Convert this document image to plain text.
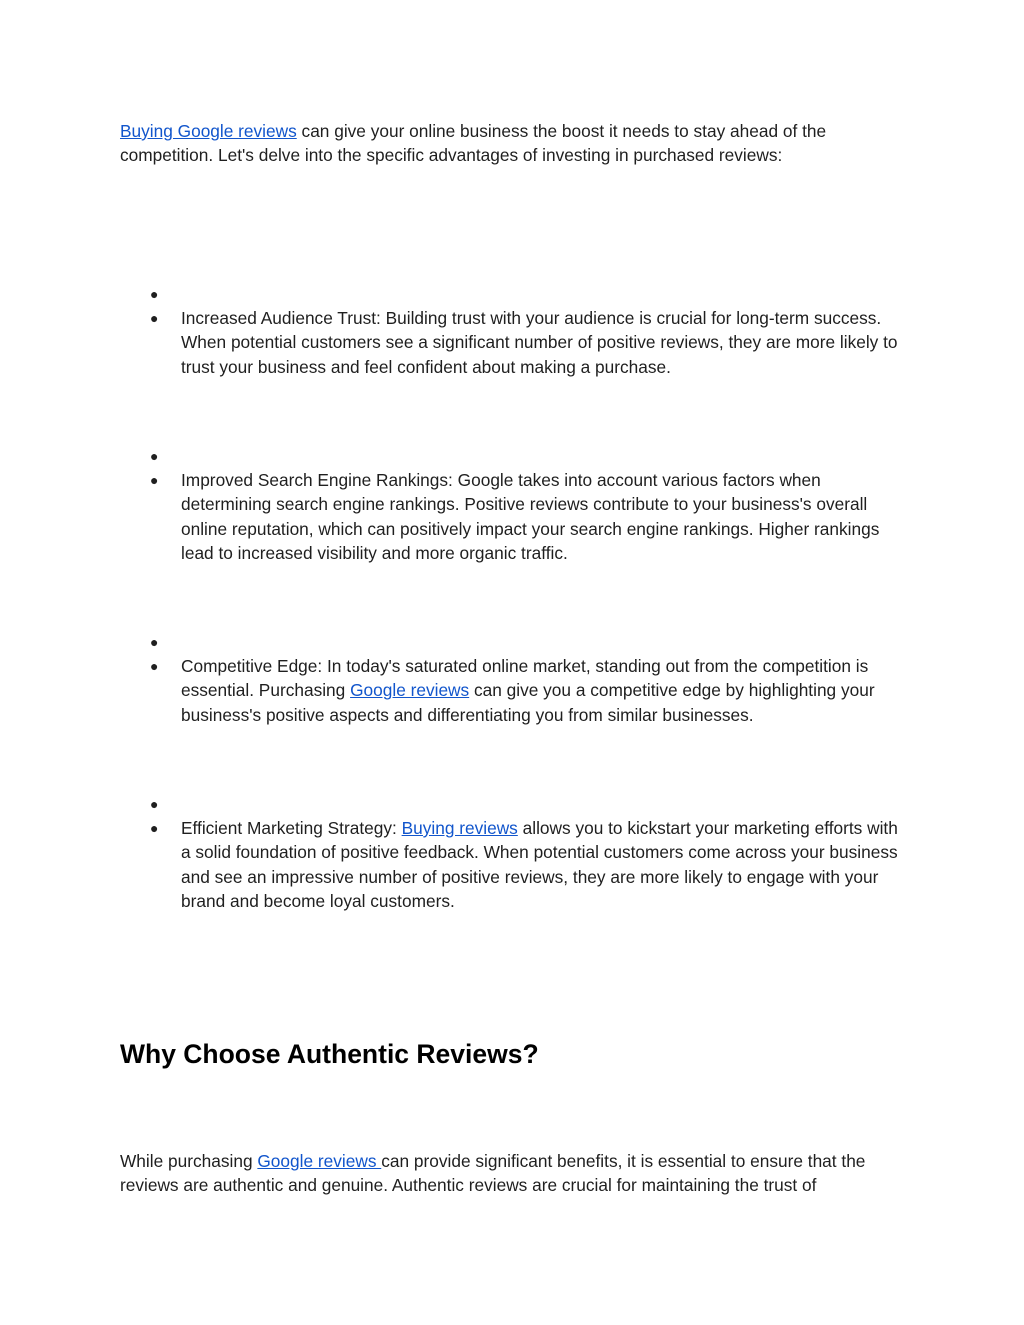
Buying Google reviews can give your online business the boost it needs to stay ahead of the competition. Let's delve into the specific advantages of investing in purchased reviews:

●
●	Increased Audience Trust: Building trust with your audience is crucial for long-term success. When potential customers see a significant number of positive reviews, they are more likely to trust your business and feel confident about making a purchase.
●
●	Improved Search Engine Rankings: Google takes into account various factors when determining search engine rankings. Positive reviews contribute to your business's overall online reputation, which can positively impact your search engine rankings. Higher rankings lead to increased visibility and more organic traffic.
●
●	Competitive Edge: In today's saturated online market, standing out from the competition is essential. Purchasing Google reviews can give you a competitive edge by highlighting your business's positive aspects and differentiating you from similar businesses.
●
●	Efficient Marketing Strategy: Buying reviews allows you to kickstart your marketing efforts with a solid foundation of positive feedback. When potential customers come across your business and see an impressive number of positive reviews, they are more likely to engage with your brand and become loyal customers.
Why Choose Authentic Reviews?

While purchasing Google reviews can provide significant benefits, it is essential to ensure that the reviews are authentic and genuine. Authentic reviews are crucial for maintaining the trust of
